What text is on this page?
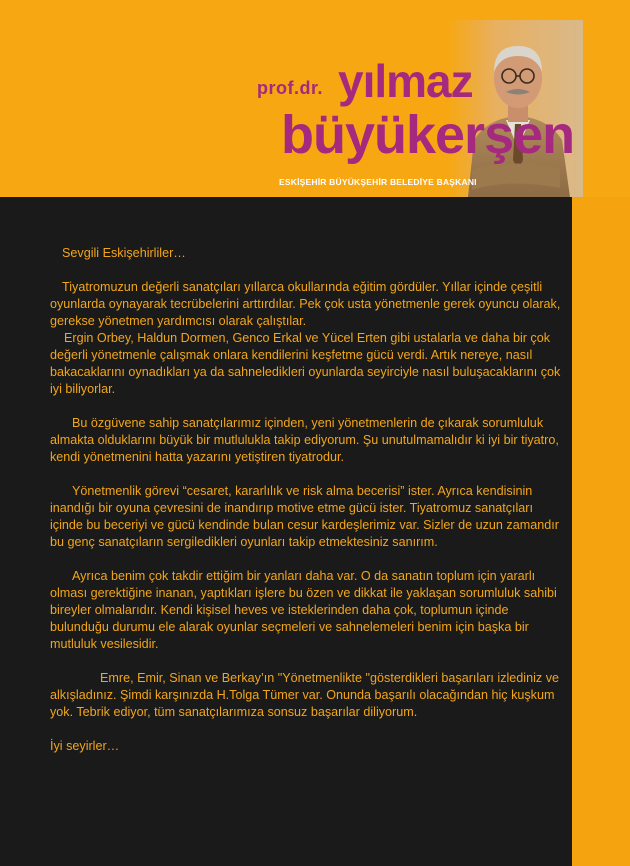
prof.dr. yılmaz
büyükerşen
ESKİŞEHİR BÜYÜKŞEHİR BELEDİYE BAŞKANI

Sevgili Eskişehirliler…

Tiyatromuzun değerli sanatçıları yıllarca okullarında eğitim gördüler. Yıllar içinde çeşitli oyunlarda oynayarak tecrübelerini arttırdılar. Pek çok usta yönetmenle gerek oyuncu olarak, gerekse yönetmen yardımcısı olarak çalıştılar.

Ergin Orbey, Haldun Dormen, Genco Erkal ve Yücel Erten gibi ustalarla ve daha bir çok değerli yönetmenle çalışmak onlara kendilerini keşfetme gücü verdi. Artık nereye, nasıl bakacaklarını oynadıkları ya da sahneledikleri oyunlarda seyirciyle nasıl buluşacaklarını çok iyi biliyorlar.

Bu özgüvene sahip sanatçılarımız içinden, yeni yönetmenlerin de çıkarak sorumluluk almakta olduklarını büyük bir mutlulukla takip ediyorum. Şu unutulmamalıdır ki iyi bir tiyatro, kendi yönetmenini hatta yazarını yetiştiren tiyatrodur.

Yönetmenlik görevi “cesaret, kararlılık ve risk alma becerisi” ister. Ayrıca kendisinin inandığı bir oyuna çevresini de inandırıp motive etme gücü ister. Tiyatromuz sanatçıları içinde bu beceriyi ve gücü kendinde bulan cesur kardeşlerimiz var. Sizler de uzun zamandır bu genç sanatçıların sergiledikleri oyunları takip etmektesiniz sanırım.

Ayrıca benim çok takdir ettiğim bir yanları daha var. O da sanatın toplum için yararlı olması gerektiğine inanan, yaptıkları işlere bu özen ve dikkat ile yaklaşan sorumluluk sahibi bireyler olmalarıdır. Kendi kişisel heves ve isteklerinden daha çok, toplumun içinde bulunduğu durumu ele alarak oyunlar seçmeleri ve sahnelemeleri benim için başka bir mutluluk vesilesidir.

Emre, Emir, Sinan ve Berkay’ın "Yönetmenlikte "gösterdikleri başarıları izlediniz ve alkışladınız. Şimdi karşınızda H.Tolga Tümer var. Onunda başarılı olacağından hiç kuşkum yok. Tebrik ediyor, tüm sanatçılarımıza sonsuz başarılar diliyorum.

İyi seyirler…
